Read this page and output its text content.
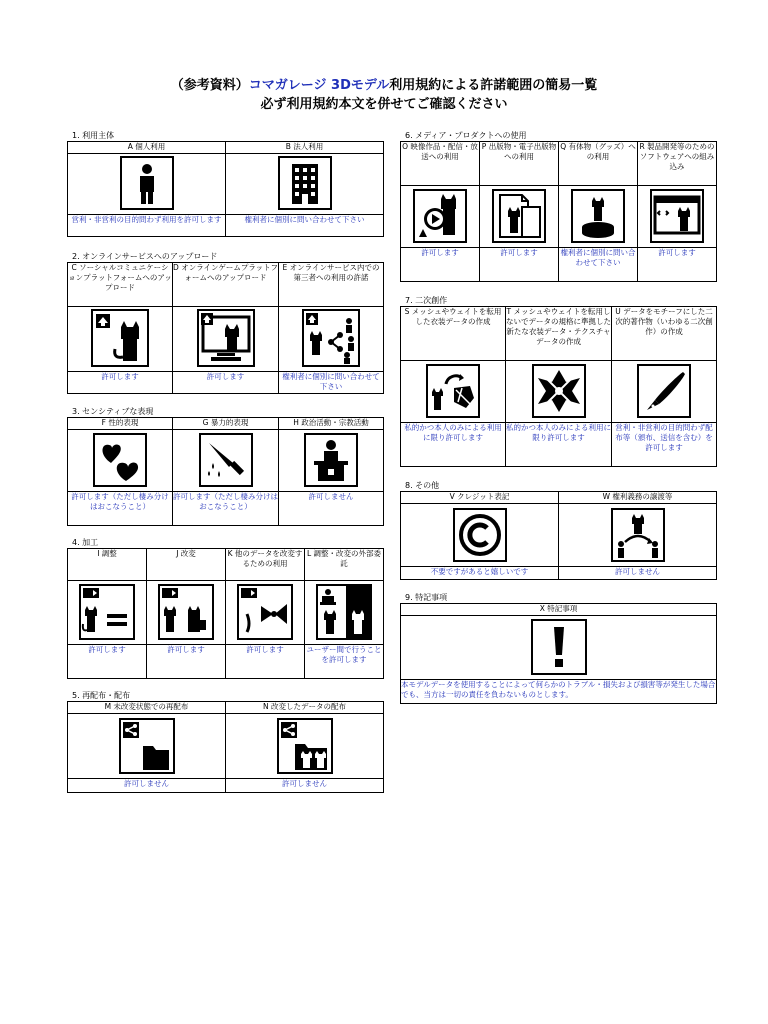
（参考資料）コマガレージ 3Dモデル利用規約による許諾範囲の簡易一覧
必ず利用規約本文を併せてご確認ください
1. 利用主体
A 個人利用	B 法人利用

営利・非営利の目的問わず利用を許可します	権利者に個別に問い合わせて下さい
2. オンラインサービスへのアップロード
C ソーシャルコミュニケーションプラットフォームへのアップロード	D オンラインゲームプラットフォームへのアップロード	E オンラインサービス内での第三者への利用の許諾

許可します	許可します	権利者に個別に問い合わせて下さい
3. センシティブな表現
F 性的表現	G 暴力的表現	H 政治活動・宗教活動

許可します（ただし棲み分けはおこなうこと）	許可します（ただし棲み分けはおこなうこと）	許可しません
4. 加工
I 調整	J 改変	K 他のデータを改変するための利用	L 調整・改変の外部委託

許可します	許可します	許可します	ユーザー間で行うことを許可します
5. 再配布・配布
M 未改変状態での再配布	N 改変したデータの配布

許可しません	許可しません
6. メディア・プロダクトへの使用
O 映像作品・配信・放送への利用	P 出版物・電子出版物への利用	Q 有体物（グッズ）への利用	R 製品開発等のためのソフトウェアへの組み込み

許可します	許可します	権利者に個別に問い合わせて下さい	許可します
7. 二次創作
S メッシュやウェイトを転用した衣装データの作成	T メッシュやウェイトを転用しないでデータの規格に準拠した新たな衣装データ・テクスチャデータの作成	U データをモチーフにした二次的著作物（いわゆる二次創作）の作成

私的かつ本人のみによる利用に限り許可します	私的かつ本人のみによる利用に限り許可します	営利・非営利の目的問わず配布等（頒布、送信を含む）を許可します
8. その他
V クレジット表記	W 権利義務の譲渡等

不要ですがあると嬉しいです	許可しません
9. 特記事項
X 特記事項

本モデルデータを使用することによって何らかのトラブル・損失および損害等が発生した場合でも、当方は一切の責任を負わないものとします。
